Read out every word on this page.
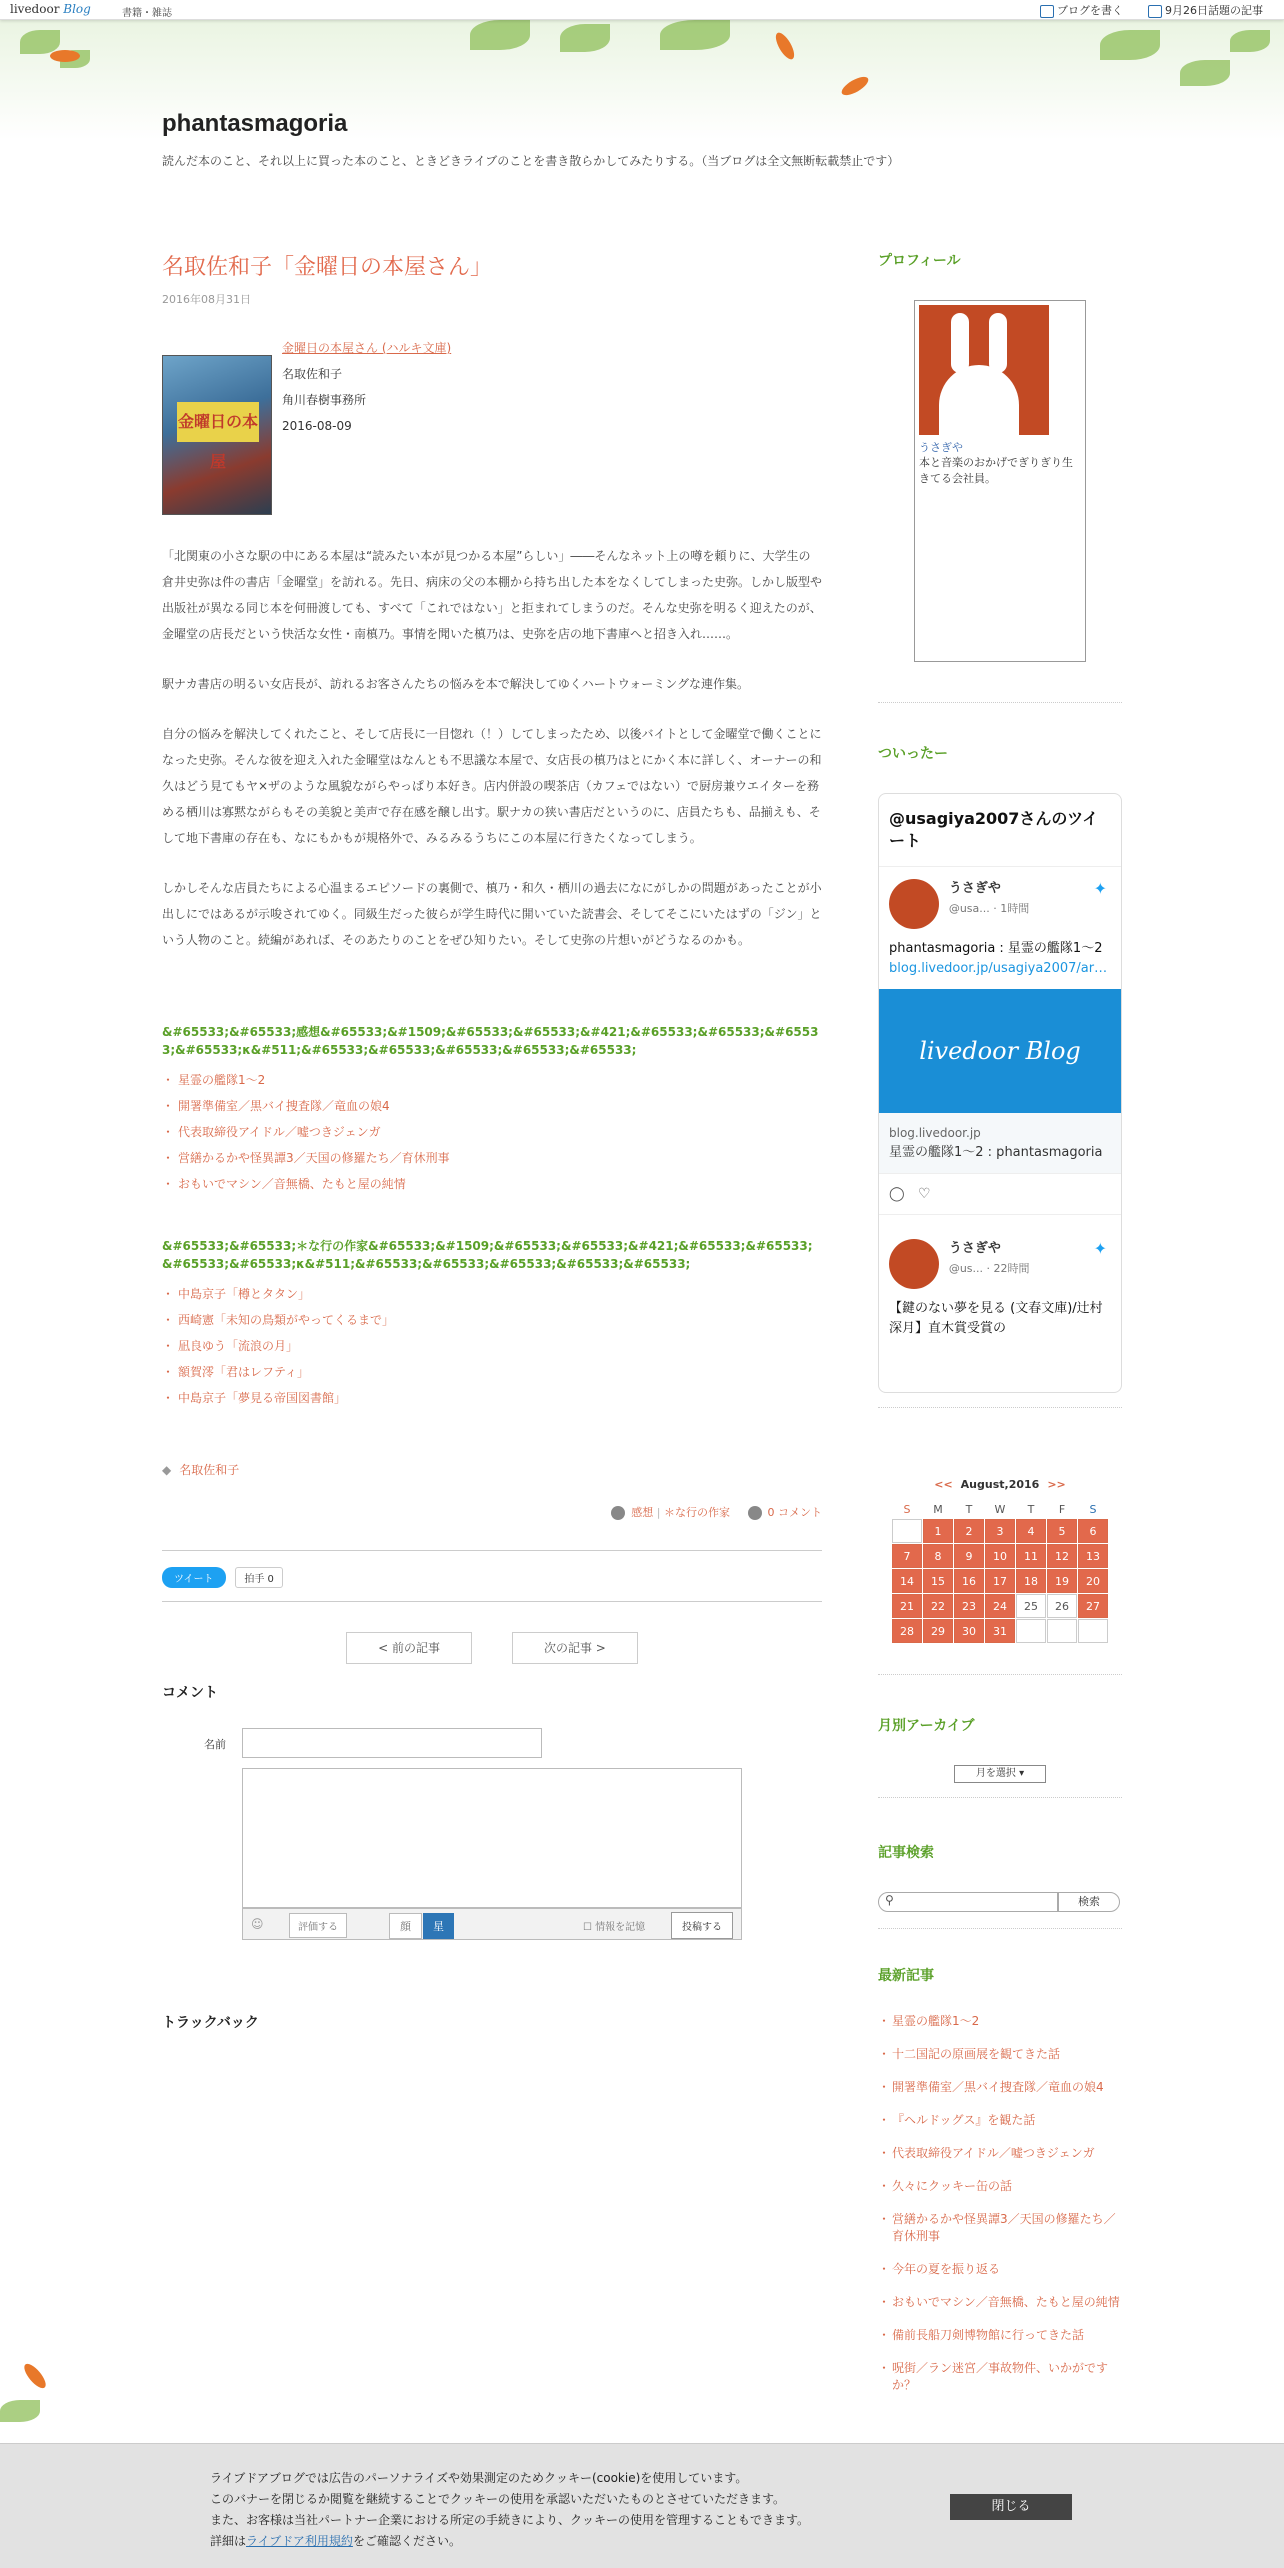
livedoor Blog	書籍・雑誌	ブログを書く	9月26日話題の記事
phantasmagoria
読んだ本のこと、それ以上に買った本のこと、ときどきライブのことを書き散らかしてみたりする。（当ブログは全文無断転載禁止です）
名取佐和子「金曜日の本屋さん」
2016年08月31日
金曜日の本屋
金曜日の本屋さん (ハルキ文庫)
名取佐和子
角川春樹事務所
2016-08-09

「北関東の小さな駅の中にある本屋は“読みたい本が見つかる本屋”らしい」――そんなネット上の噂を頼りに、大学生の倉井史弥は件の書店「金曜堂」を訪れる。先日、病床の父の本棚から持ち出した本をなくしてしまった史弥。しかし版型や出版社が異なる同じ本を何冊渡しても、すべて「これではない」と拒まれてしまうのだ。そんな史弥を明るく迎えたのが、金曜堂の店長だという快活な女性・南槙乃。事情を聞いた槙乃は、史弥を店の地下書庫へと招き入れ……。

駅ナカ書店の明るい女店長が、訪れるお客さんたちの悩みを本で解決してゆくハートウォーミングな連作集。

自分の悩みを解決してくれたこと、そして店長に一目惚れ（！）してしまったため、以後バイトとして金曜堂で働くことになった史弥。そんな彼を迎え入れた金曜堂はなんとも不思議な本屋で、女店長の槙乃はとにかく本に詳しく、オーナーの和久はどう見てもヤ×ザのような風貌ながらやっぱり本好き。店内併設の喫茶店（カフェではない）で厨房兼ウエイターを務める栖川は寡黙ながらもその美貌と美声で存在感を醸し出す。駅ナカの狭い書店だというのに、店員たちも、品揃えも、そして地下書庫の存在も、なにもかもが規格外で、みるみるうちにこの本屋に行きたくなってしまう。

しかしそんな店員たちによる心温まるエピソードの裏側で、槙乃・和久・栖川の過去になにがしかの問題があったことが小出しにではあるが示唆されてゆく。同級生だった彼らが学生時代に開いていた読書会、そしてそこにいたはずの「ジン」という人物のこと。続編があれば、そのあたりのことをぜひ知りたい。そして史弥の片想いがどうなるのかも。

&#65533;&#65533;感想&#65533;&#1509;&#65533;&#65533;&#421;&#65533;&#65533;&#65533;&#65533;κ&#511;&#65533;&#65533;&#65533;&#65533;&#65533;
・ 星霊の艦隊1～2
・ 開署準備室／黒バイ捜査隊／竜血の娘4
・ 代表取締役アイドル／嘘つきジェンガ
・ 営繕かるかや怪異譚3／天国の修羅たち／育休刑事
・ おもいでマシン／音無橋、たもと屋の純情
&#65533;&#65533;＊な行の作家&#65533;&#1509;&#65533;&#65533;&#421;&#65533;&#65533;&#65533;&#65533;κ&#511;&#65533;&#65533;&#65533;&#65533;&#65533;
・ 中島京子「樽とタタン」
・ 西崎憲「未知の鳥類がやってくるまで」
・ 凪良ゆう「流浪の月」
・ 額賀澪「君はレフティ」
・ 中島京子「夢見る帝国図書館」
◆ 名取佐和子
感想 | ＊な行の作家	0 コメント
ツイート	拍手 0
< 前の記事	次の記事 >
コメント
名前
☺	評価する	顔	星	☐ 情報を記憶	投稿する
トラックバック
プロフィール
うさぎや
本と音楽のおかげでぎりぎり生きてる会社員。
ついったー
@usagiya2007さんのツイート
うさぎや
@usa... · 1時間
✦
phantasmagoria : 星霊の艦隊1〜2
blog.livedoor.jp/usagiya2007/ar…
livedoor Blog
blog.livedoor.jp
星霊の艦隊1〜2 : phantasmagoria
◯ ♡
うさぎや
@us... · 22時間
✦
【鍵のない夢を見る (文春文庫)/辻村 深月】直木賞受賞の
<< August,2016 >>
S	M	T	W	T	F	S
	1	2	3	4	5	6
7	8	9	10	11	12	13
14	15	16	17	18	19	20
21	22	23	24	25	26	27
28	29	30	31			
月別アーカイブ
月を選択 ▾
記事検索
⚲	検索
最新記事
・ 星霊の艦隊1～2
・ 十二国記の原画展を観てきた話
・ 開署準備室／黒バイ捜査隊／竜血の娘4
・ 『ヘルドッグス』を観た話
・ 代表取締役アイドル／嘘つきジェンガ
・ 久々にクッキー缶の話
・ 営繕かるかや怪異譚3／天国の修羅たち／育休刑事
・ 今年の夏を振り返る
・ おもいでマシン／音無橋、たもと屋の純情
・ 備前長船刀剣博物館に行ってきた話
・ 呪街／ラン迷宮／事故物件、いかがですか？
ライブドアブログでは広告のパーソナライズや効果測定のためクッキー(cookie)を使用しています。
このバナーを閉じるか閲覧を継続することでクッキーの使用を承認いただいたものとさせていただきます。
また、お客様は当社パートナー企業における所定の手続きにより、クッキーの使用を管理することもできます。
詳細はライブドア利用規約をご確認ください。
閉じる
